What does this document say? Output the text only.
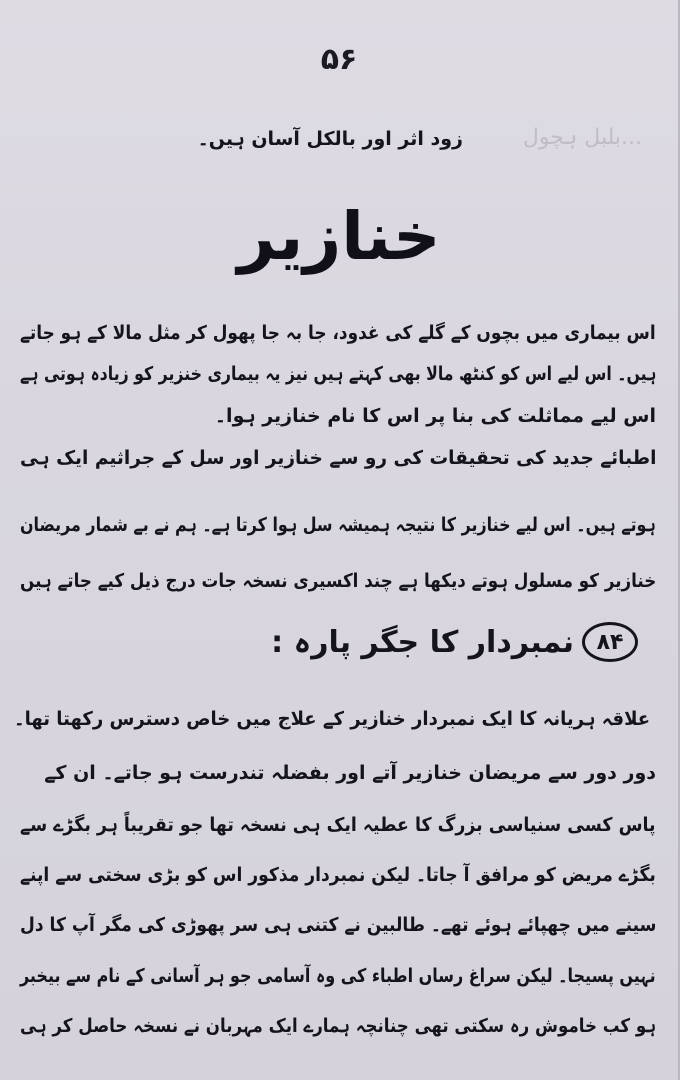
۵۶
...بلبل ہچول
زود اثر اور بالکل آسان ہیں۔
خنازیر
اس بیماری میں بچوں کے گلے کی غدود، جا بہ جا پھول کر مثل مالا کے ہو جاتے
ہیں۔ اس لیے اس کو کنٹھ مالا بھی کہتے ہیں نیز یہ بیماری خنزیر کو زیادہ ہوتی ہے
اس لیے مماثلت کی بنا پر اس کا نام خنازیر ہوا۔
اطبائے جدید کی تحقیقات کی رو سے خنازیر اور سل کے جراثیم ایک ہی
ہوتے ہیں۔ اس لیے خنازیر کا نتیجہ ہمیشہ سل ہوا کرتا ہے۔ ہم نے بے شمار مریضان
خنازیر کو مسلول ہوتے دیکھا ہے چند اکسیری نسخہ جات درج ذیل کیے جاتے ہیں
۸۴
نمبردار کا جگر پارہ :
علاقہ ہریانہ کا ایک نمبردار خنازیر کے علاج میں خاص دسترس رکھتا تھا۔
دور دور سے مریضان خنازیر آتے اور بفضلہ تندرست ہو جاتے۔ ان کے
پاس کسی سنیاسی بزرگ کا عطیہ ایک ہی نسخہ تھا جو تقریباً ہر بگڑے سے
بگڑے مریض کو مرافق آ جاتا۔ لیکن نمبردار مذکور اس کو بڑی سختی سے اپنے
سینے میں چھپائے ہوئے تھے۔ طالبین نے کتنی ہی سر پھوڑی کی مگر آپ کا دل
نہیں پسیجا۔ لیکن سراغ رساں اطباء کی وہ آسامی جو ہر آسانی کے نام سے بیخبر
ہو کب خاموش رہ سکتی تھی چنانچہ ہمارے ایک مہربان نے نسخہ حاصل کر ہی
